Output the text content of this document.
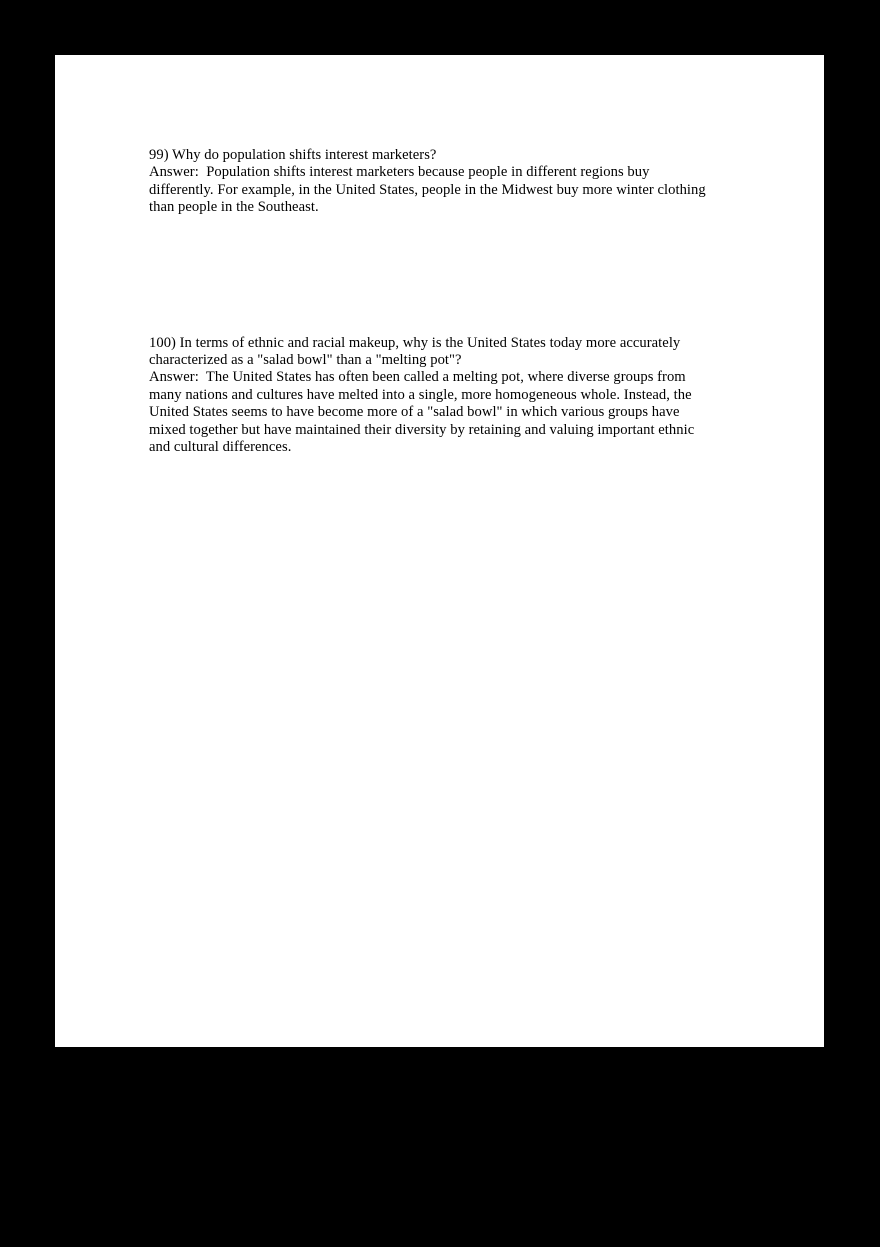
99) Why do population shifts interest marketers?
Answer:  Population shifts interest marketers because people in different regions buy
differently. For example, in the United States, people in the Midwest buy more winter clothing
than people in the Southeast.
100) In terms of ethnic and racial makeup, why is the United States today more accurately
characterized as a "salad bowl" than a "melting pot"?
Answer:  The United States has often been called a melting pot, where diverse groups from
many nations and cultures have melted into a single, more homogeneous whole. Instead, the
United States seems to have become more of a "salad bowl" in which various groups have
mixed together but have maintained their diversity by retaining and valuing important ethnic
and cultural differences.
